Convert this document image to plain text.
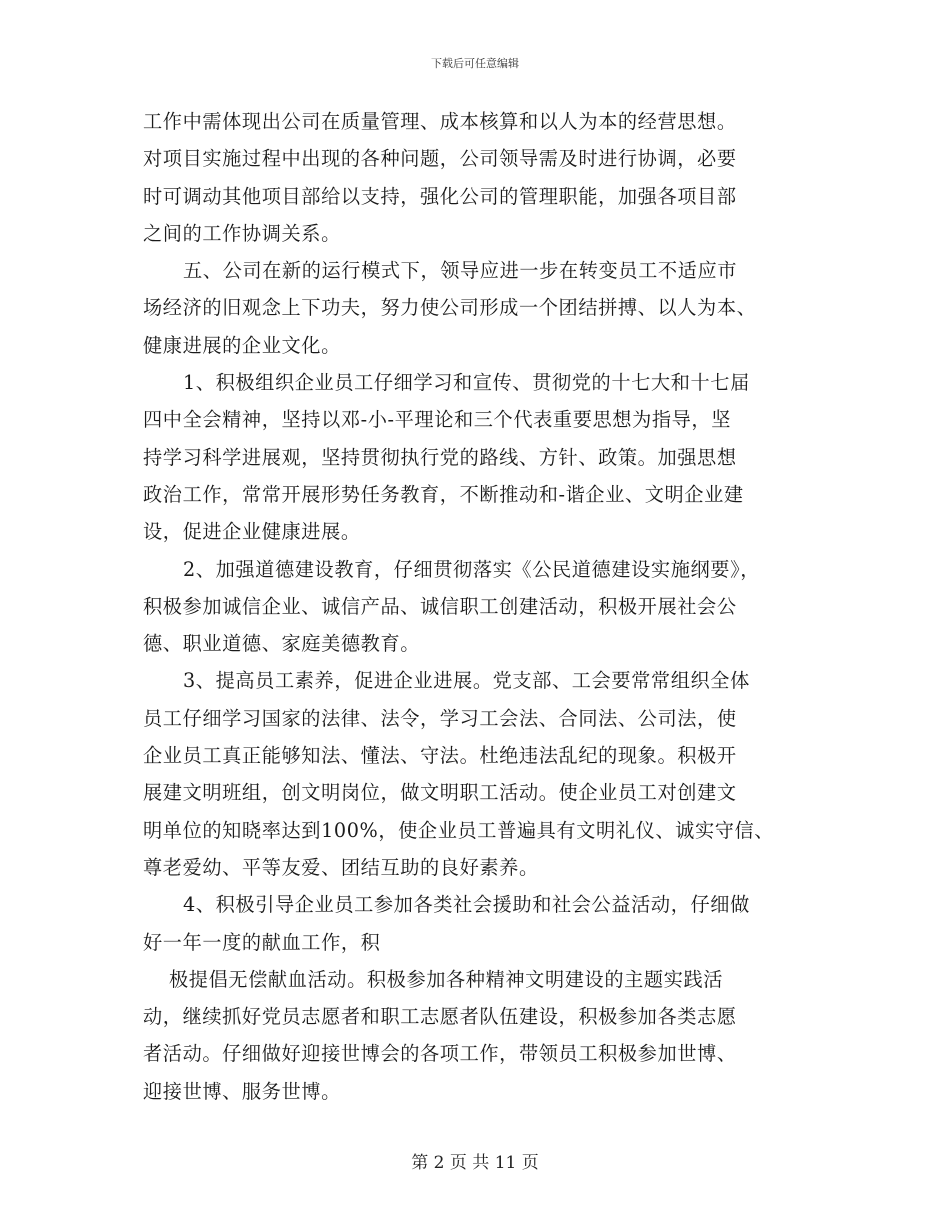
下载后可任意编辑
工作中需体现出公司在质量管理、成本核算和以人为本的经营思想。
对项目实施过程中出现的各种问题，公司领导需及时进行协调，必要
时可调动其他项目部给以支持，强化公司的管理职能，加强各项目部
之间的工作协调关系。
五、公司在新的运行模式下，领导应进一步在转变员工不适应市
场经济的旧观念上下功夫，努力使公司形成一个团结拼搏、以人为本、
健康进展的企业文化。
1、积极组织企业员工仔细学习和宣传、贯彻党的十七大和十七届
四中全会精神，坚持以邓-小-平理论和三个代表重要思想为指导，坚
持学习科学进展观，坚持贯彻执行党的路线、方针、政策。加强思想
政治工作，常常开展形势任务教育，不断推动和-谐企业、文明企业建
设，促进企业健康进展。
2、加强道德建设教育，仔细贯彻落实《公民道德建设实施纲要》，
积极参加诚信企业、诚信产品、诚信职工创建活动，积极开展社会公
德、职业道德、家庭美德教育。
3、提高员工素养，促进企业进展。党支部、工会要常常组织全体
员工仔细学习国家的法律、法令，学习工会法、合同法、公司法，使
企业员工真正能够知法、懂法、守法。杜绝违法乱纪的现象。积极开
展建文明班组，创文明岗位，做文明职工活动。使企业员工对创建文
明单位的知晓率达到100%，使企业员工普遍具有文明礼仪、诚实守信、
尊老爱幼、平等友爱、团结互助的良好素养。
4、积极引导企业员工参加各类社会援助和社会公益活动，仔细做
好一年一度的献血工作，积
极提倡无偿献血活动。积极参加各种精神文明建设的主题实践活
动，继续抓好党员志愿者和职工志愿者队伍建设，积极参加各类志愿
者活动。仔细做好迎接世博会的各项工作，带领员工积极参加世博、
迎接世博、服务世博。
第 2 页 共 11 页
